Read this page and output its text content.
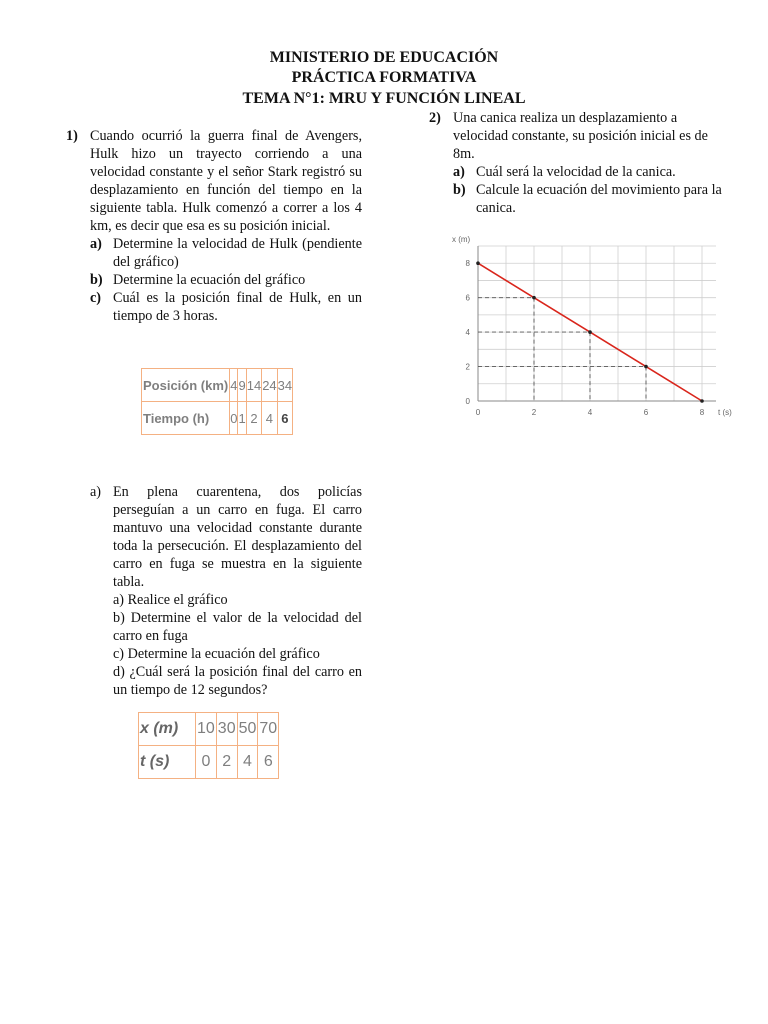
MINISTERIO DE EDUCACIÓN
PRÁCTICA FORMATIVA
TEMA N°1: MRU Y FUNCIÓN LINEAL
1) Cuando ocurrió la guerra final de Avengers, Hulk hizo un trayecto corriendo a una velocidad constante y el señor Stark registró su desplazamiento en función del tiempo en la siguiente tabla. Hulk comenzó a correr a los 4 km, es decir que esa es su posición inicial.
a) Determine la velocidad de Hulk (pendiente del gráfico)
b) Determine la ecuación del gráfico
c) Cuál es la posición final de Hulk, en un tiempo de 3 horas.
Posición (km)	4	9	14	24	34
Tiempo (h)	0	1	2	4	6
2) Una canica realiza un desplazamiento a velocidad constante, su posición inicial es de 8m.
a) Cuál será la velocidad de la canica.
b) Calcule la ecuación del movimiento para la canica.
0	2	4	6	8
0
2
4
6
8
t (s)
x (m)
a) En plena cuarentena, dos policías perseguían a un carro en fuga. El carro mantuvo una velocidad constante durante toda la persecución. El desplazamiento del carro en fuga se muestra en la siguiente tabla.
a) Realice el gráfico
b) Determine el valor de la velocidad del carro en fuga
c) Determine la ecuación del gráfico
d) ¿Cuál será la posición final del carro en un tiempo de 12 segundos?
x (m)	10	30	50	70
t (s)	0	2	4	6
